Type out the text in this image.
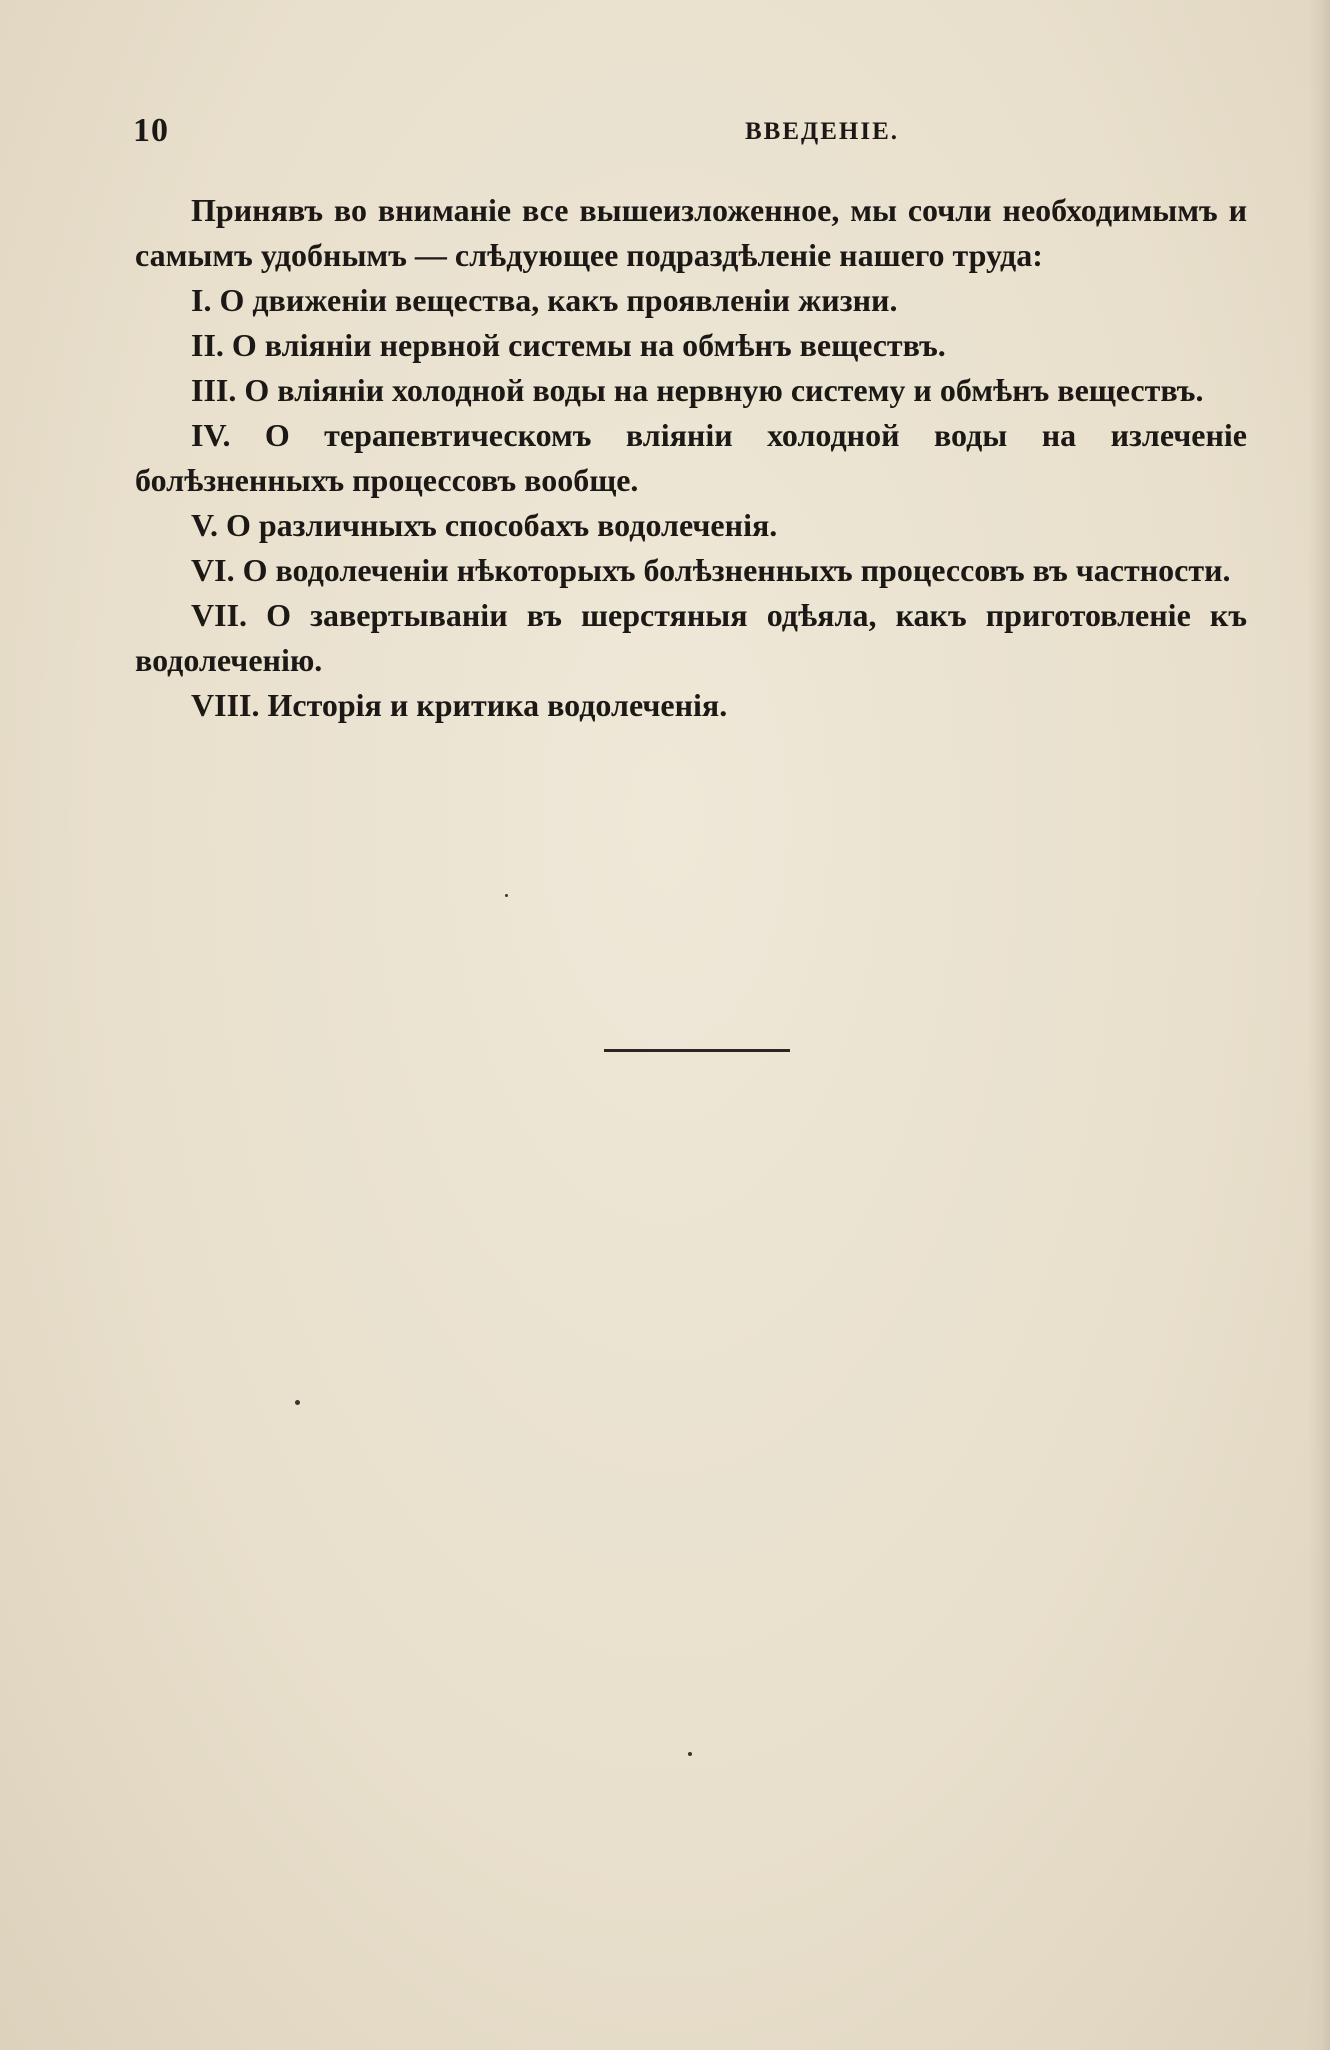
10	ВВЕДЕНІЕ.

Принявъ во вниманіе все вышеизложенное, мы сочли необходимымъ и самымъ удобнымъ — слѣдующее подраздѣленіе нашего труда:

I. О движеніи вещества, какъ проявленіи жизни.

II. О вліяніи нервной системы на обмѣнъ веществъ.

III. О вліяніи холодной воды на нервную систему и обмѣнъ веществъ.

IV. О терапевтическомъ вліяніи холодной воды на излеченіе болѣзненныхъ процессовъ вообще.

V. О различныхъ способахъ водолеченія.

VI. О водолеченіи нѣкоторыхъ болѣзненныхъ процессовъ въ частности.

VII. О завертываніи въ шерстяныя одѣяла, какъ приготовленіе къ водолеченію.

VIII. Исторія и критика водолеченія.
